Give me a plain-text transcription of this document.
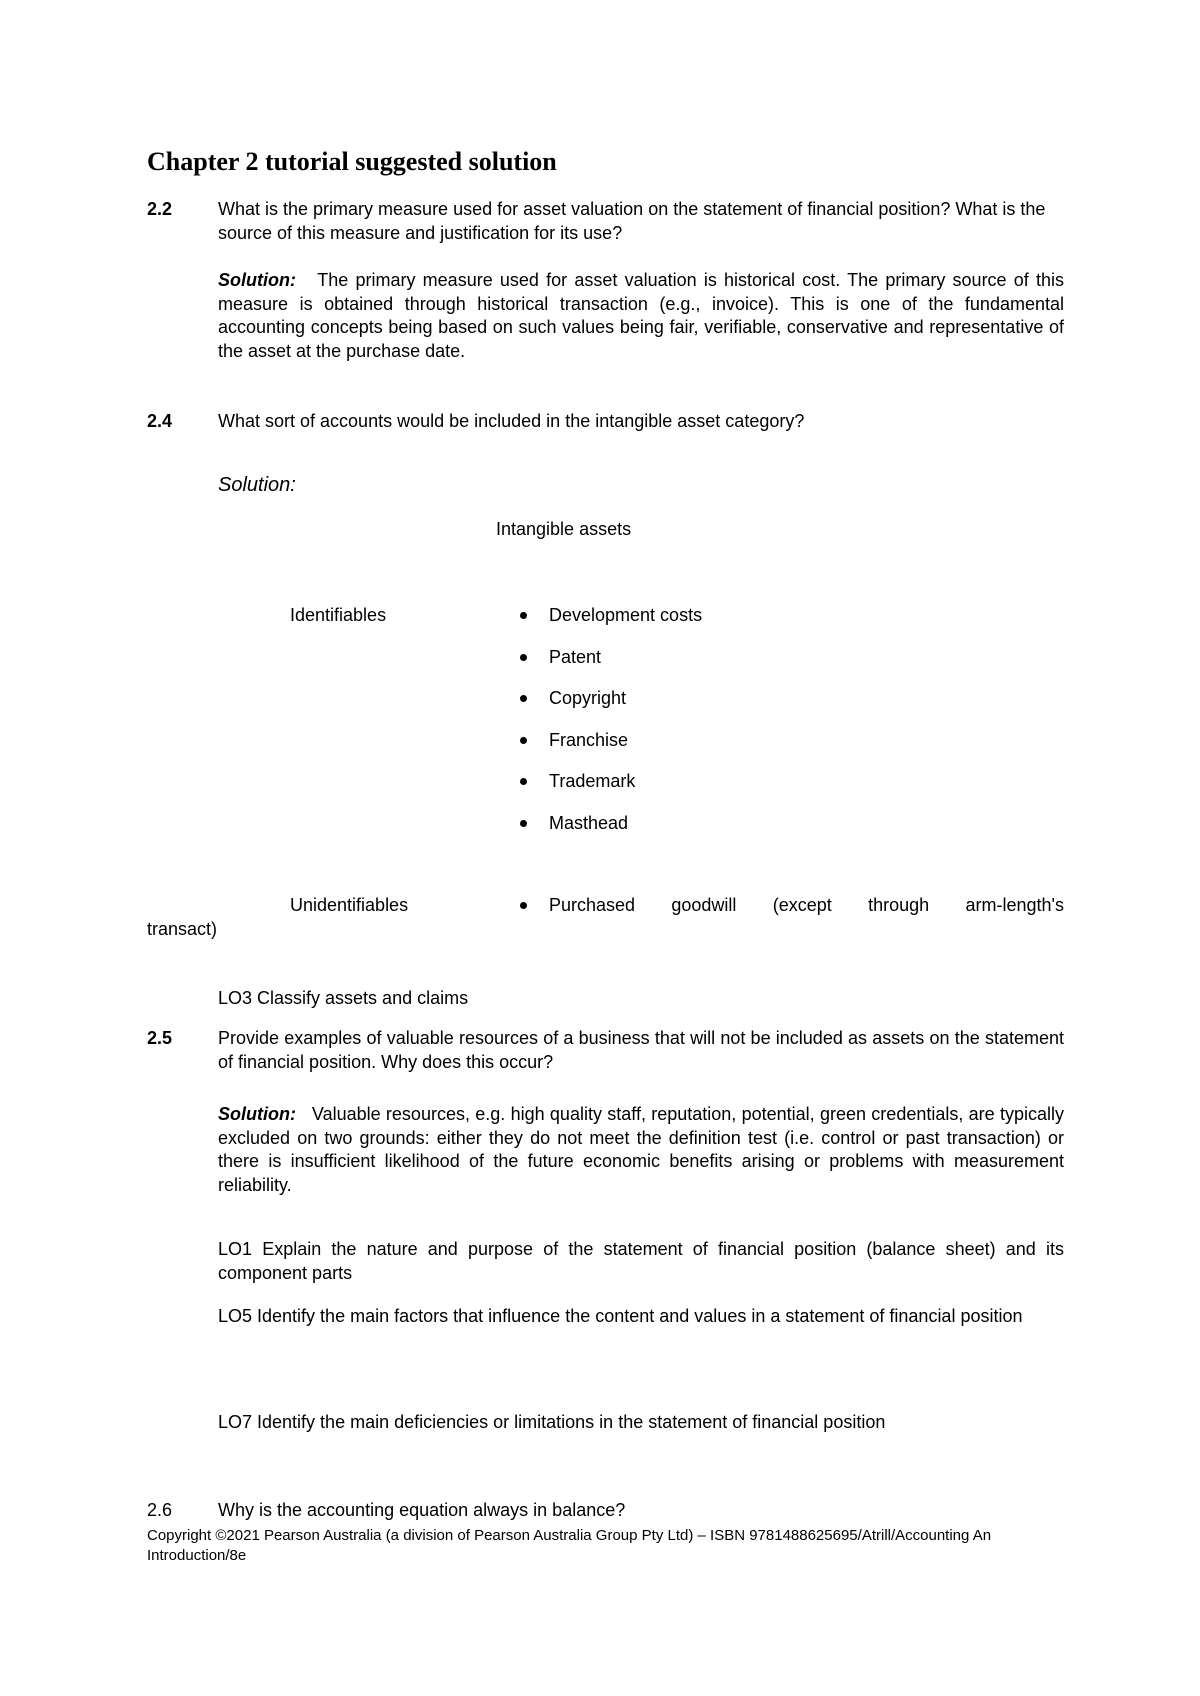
Chapter 2 tutorial suggested solution
2.2	What is the primary measure used for asset valuation on the statement of financial position? What is the source of this measure and justification for its use?
Solution: The primary measure used for asset valuation is historical cost. The primary source of this measure is obtained through historical transaction (e.g., invoice). This is one of the fundamental accounting concepts being based on such values being fair, verifiable, conservative and representative of the asset at the purchase date.
2.4	What sort of accounts would be included in the intangible asset category?
Solution:
Intangible assets
Identifiables	Development costs
Patent
Copyright
Franchise
Trademark
Masthead
Unidentifiables	Purchased goodwill (except through arm-length's
transact)
LO3 Classify assets and claims
2.5	Provide examples of valuable resources of a business that will not be included as assets on the statement of financial position. Why does this occur?
Solution: Valuable resources, e.g. high quality staff, reputation, potential, green credentials, are typically excluded on two grounds: either they do not meet the definition test (i.e. control or past transaction) or there is insufficient likelihood of the future economic benefits arising or problems with measurement reliability.
LO1 Explain the nature and purpose of the statement of financial position (balance sheet) and its component parts
LO5 Identify the main factors that influence the content and values in a statement of financial position
LO7 Identify the main deficiencies or limitations in the statement of financial position
2.6	Why is the accounting equation always in balance?
Copyright ©2021 Pearson Australia (a division of Pearson Australia Group Pty Ltd) – ISBN 9781488625695/Atrill/Accounting An Introduction/8e
